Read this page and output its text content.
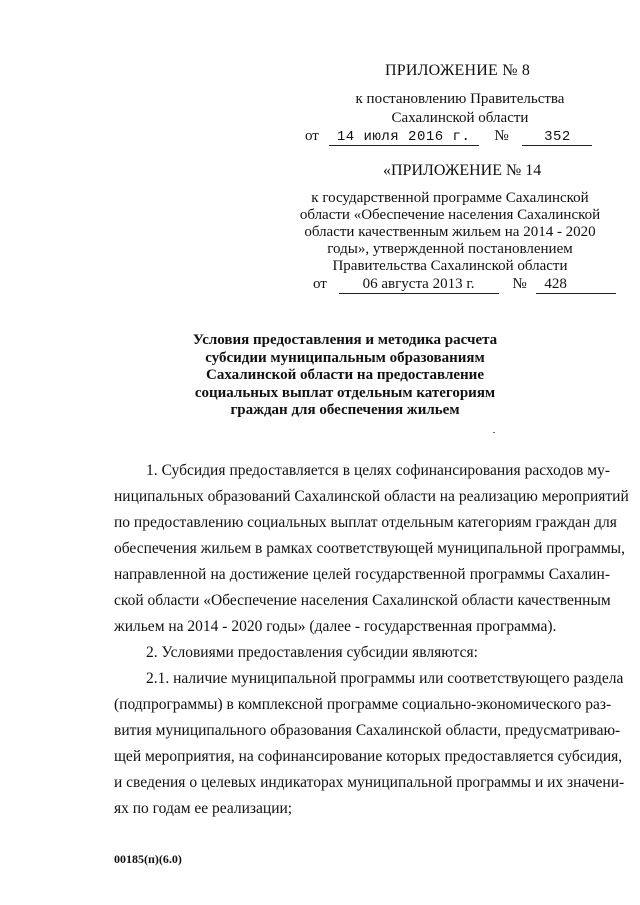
ПРИЛОЖЕНИЕ № 8
к постановлению Правительства
Сахалинской области
от 14 июля 2016 г. №	352
«ПРИЛОЖЕНИЕ № 14
к государственной программе Сахалинской
области «Обеспечение населения Сахалинской
области качественным жильем на 2014 - 2020
годы», утвержденной постановлением
Правительства Сахалинской области
от 06 августа 2013 г.	№ 428
Условия предоставления и методика расчета
субсидии муниципальным образованиям
Сахалинской области на предоставление
социальных выплат отдельным категориям
граждан для обеспечения жильем
1. Субсидия предоставляется в целях софинансирования расходов му-
ниципальных образований Сахалинской области на реализацию мероприятий
по предоставлению социальных выплат отдельным категориям граждан для
обеспечения жильем в рамках соответствующей муниципальной программы,
направленной на достижение целей государственной программы Сахалин-
ской области «Обеспечение населения Сахалинской области качественным
жильем на 2014 - 2020 годы» (далее - государственная программа).
2. Условиями предоставления субсидии являются:
2.1. наличие муниципальной программы или соответствующего раздела
(подпрограммы) в комплексной программе социально-экономического раз-
вития муниципального образования Сахалинской области, предусматриваю-
щей мероприятия, на софинансирование которых предоставляется субсидия,
и сведения о целевых индикаторах муниципальной программы и их значени-
ях по годам ее реализации;
00185(п)(6.0)
